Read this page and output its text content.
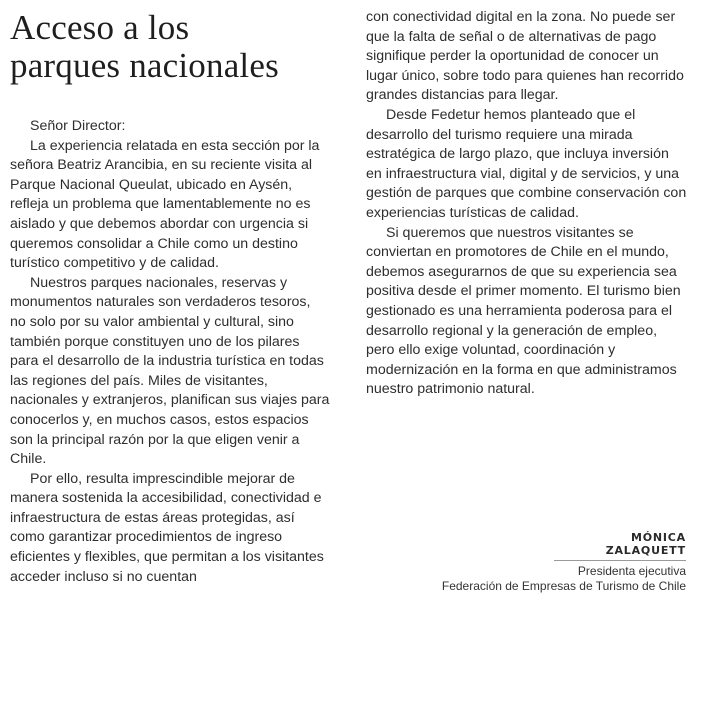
Acceso a los
parques nacionales

Señor Director:

La experiencia relatada en esta sección por la señora Beatriz Arancibia, en su reciente visita al Parque Nacional Queulat, ubicado en Aysén, refleja un problema que lamentablemente no es aislado y que debemos abordar con urgencia si queremos consolidar a Chile como un destino turístico competitivo y de calidad.

Nuestros parques nacionales, reservas y monumentos naturales son verdaderos tesoros, no solo por su valor ambiental y cultural, sino también porque constituyen uno de los pilares para el desarrollo de la industria turística en todas las regiones del país. Miles de visitantes, nacionales y extranjeros, planifican sus viajes para conocerlos y, en muchos casos, estos espacios son la principal razón por la que eligen venir a Chile.

Por ello, resulta imprescindible mejorar de manera sostenida la accesibilidad, conectividad e infraestructura de estas áreas protegidas, así como garantizar procedimientos de ingreso eficientes y flexibles, que permitan a los visitantes acceder incluso si no cuentan

con conectividad digital en la zona. No puede ser que la falta de señal o de alternativas de pago signifique perder la oportunidad de conocer un lugar único, sobre todo para quienes han recorrido grandes distancias para llegar.

Desde Fedetur hemos planteado que el desarrollo del turismo requiere una mirada estratégica de largo plazo, que incluya inversión en infraestructura vial, digital y de servicios, y una gestión de parques que combine conservación con experiencias turísticas de calidad.

Si queremos que nuestros visitantes se conviertan en promotores de Chile en el mundo, debemos asegurarnos de que su experiencia sea positiva desde el primer momento. El turismo bien gestionado es una herramienta poderosa para el desarrollo regional y la generación de empleo, pero ello exige voluntad, coordinación y modernización en la forma en que administramos nuestro patrimonio natural.

MÓNICA ZALAQUETT
Presidenta ejecutiva
Federación de Empresas de Turismo de Chile
